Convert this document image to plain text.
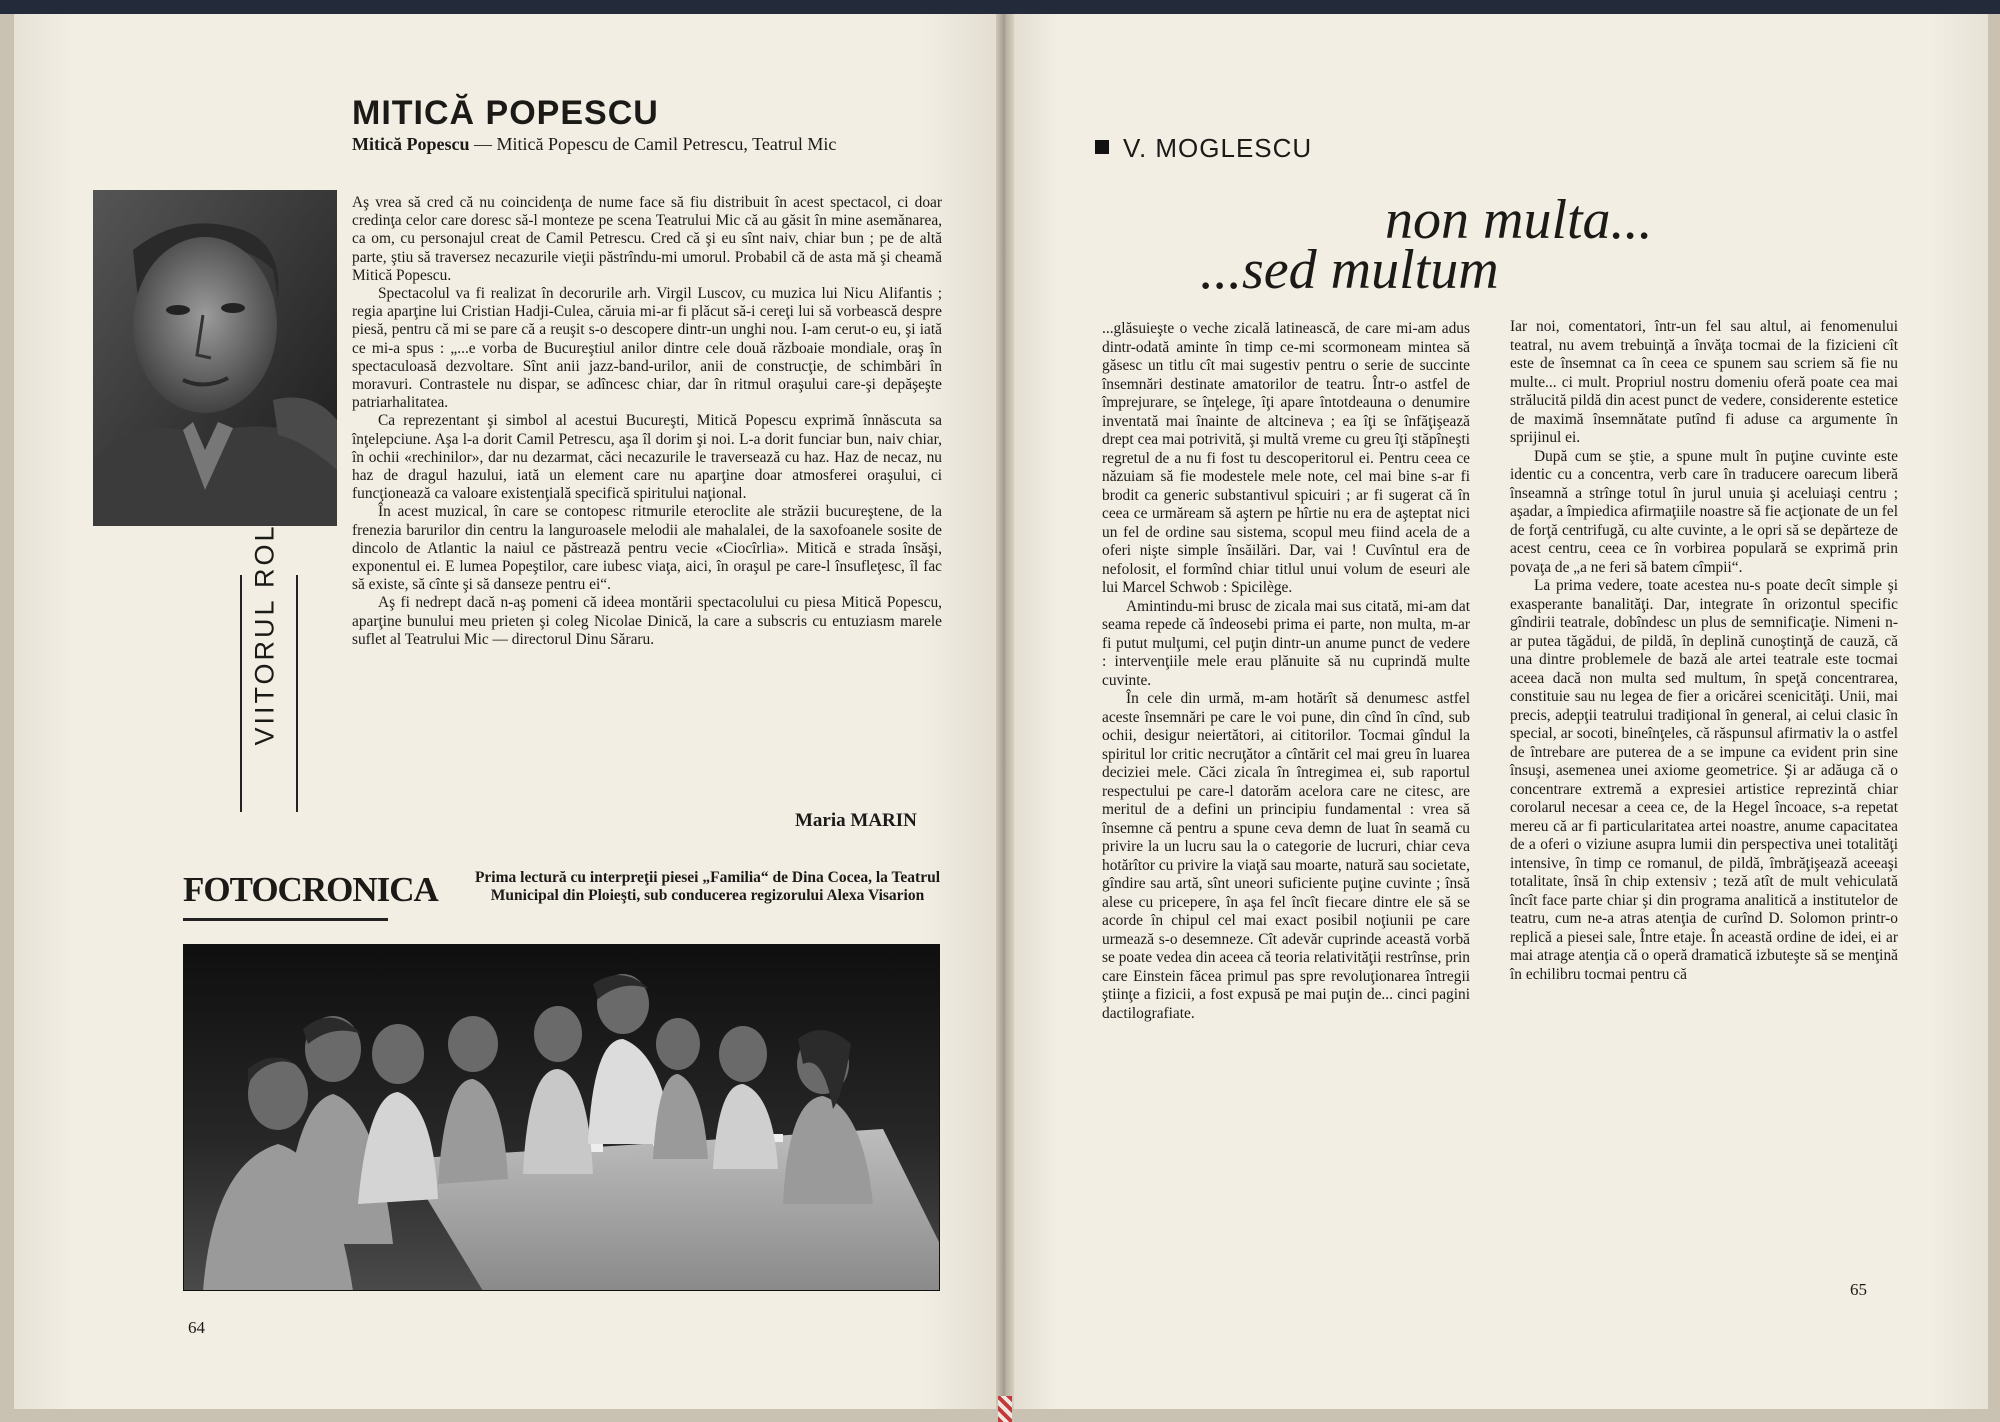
MITICĂ POPESCU
Mitică Popescu — Mitică Popescu de Camil Petrescu, Teatrul Mic

Aş vrea să cred că nu coincidenţa de nume face să fiu distribuit în acest spectacol, ci doar credinţa celor care doresc să-l monteze pe scena Teatrului Mic că au găsit în mine asemănarea, ca om, cu personajul creat de Camil Petrescu. Cred că şi eu sînt naiv, chiar bun ; pe de altă parte, ştiu să traversez necazurile vieţii păstrîndu-mi umorul. Probabil că de asta mă şi cheamă Mitică Popescu.

Spectacolul va fi realizat în decorurile arh. Virgil Luscov, cu muzica lui Nicu Alifantis ; regia aparţine lui Cristian Hadji-Culea, căruia mi-ar fi plăcut să-i cereţi lui să vorbească despre piesă, pentru că mi se pare că a reuşit s-o descopere dintr-un unghi nou. I-am cerut-o eu, şi iată ce mi-a spus : „...e vorba de Bucureştiul anilor dintre cele două războaie mondiale, oraş în spectaculoasă dezvoltare. Sînt anii jazz-band-urilor, anii de construcţie, de schimbări în moravuri. Contrastele nu dispar, se adîncesc chiar, dar în ritmul oraşului care-şi depăşeşte patriarhalitatea.

Ca reprezentant şi simbol al acestui Bucureşti, Mitică Popescu exprimă înnăscuta sa înţelepciune. Aşa l-a dorit Camil Petrescu, aşa îl dorim şi noi. L-a dorit funciar bun, naiv chiar, în ochii «rechinilor», dar nu dezarmat, căci necazurile le traversează cu haz. Haz de necaz, nu haz de dragul hazului, iată un element care nu aparţine doar atmosferei oraşului, ci funcţionează ca valoare existenţială specifică spiritului naţional.

În acest muzical, în care se contopesc ritmurile eteroclite ale străzii bucureştene, de la frenezia barurilor din centru la languroasele melodii ale mahalalei, de la saxofoanele sosite de dincolo de Atlantic la naiul ce păstrează pentru vecie «Ciocîrlia». Mitică e strada însăşi, exponentul ei. E lumea Popeştilor, care iubesc viaţa, aici, în oraşul pe care-l însufleţesc, îl fac să existe, să cînte şi să danseze pentru ei“.

Aş fi nedrept dacă n-aş pomeni că ideea montării spectacolului cu piesa Mitică Popescu, aparţine bunului meu prieten şi coleg Nicolae Dinică, la care a subscris cu entuziasm marele suflet al Teatrului Mic — directorul Dinu Săraru.

Maria MARIN
FOTOCRONICA	Prima lectură cu interpreţii piesei „Familia“ de Dina Cocea, la Teatrul Municipal din Ploieşti, sub conducerea regizorului Alexa Visarion
64
V. MOGLESCU
non multa...
...sed multum

...glăsuieşte o veche zicală latinească, de care mi-am adus dintr-odată aminte în timp ce-mi scormoneam mintea să găsesc un titlu cît mai sugestiv pentru o serie de succinte însemnări destinate amatorilor de teatru. Într-o astfel de împrejurare, se înţelege, îţi apare întotdeauna o denumire inventată mai înainte de altcineva ; ea îţi se înfăţişează drept cea mai potrivită, şi multă vreme cu greu îţi stăpîneşti regretul de a nu fi fost tu descoperitorul ei. Pentru ceea ce năzuiam să fie modestele mele note, cel mai bine s-ar fi brodit ca generic substantivul spicuiri ; ar fi sugerat că în ceea ce urmăream să aştern pe hîrtie nu era de aşteptat nici un fel de ordine sau sistema, scopul meu fiind acela de a oferi nişte simple însăilări. Dar, vai ! Cuvîntul era de nefolosit, el formînd chiar titlul unui volum de eseuri ale lui Marcel Schwob : Spicilège.

Amintindu-mi brusc de zicala mai sus citată, mi-am dat seama repede că îndeosebi prima ei parte, non multa, m-ar fi putut mulţumi, cel puţin dintr-un anume punct de vedere : intervenţiile mele erau plănuite să nu cuprindă multe cuvinte.

În cele din urmă, m-am hotărît să denumesc astfel aceste însemnări pe care le voi pune, din cînd în cînd, sub ochii, desigur neiertători, ai cititorilor. Tocmai gîndul la spiritul lor critic necruţător a cîntărit cel mai greu în luarea deciziei mele. Căci zicala în întregimea ei, sub raportul respectului pe care-l datorăm acelora care ne citesc, are meritul de a defini un principiu fundamental : vrea să însemne că pentru a spune ceva demn de luat în seamă cu privire la un lucru sau la o categorie de lucruri, chiar ceva hotărîtor cu privire la viaţă sau moarte, natură sau societate, gîndire sau artă, sînt uneori suficiente puţine cuvinte ; însă alese cu pricepere, în aşa fel încît fiecare dintre ele să se acorde în chipul cel mai exact posibil noţiunii pe care urmează s-o desemneze. Cît adevăr cuprinde această vorbă se poate vedea din aceea că teoria relativităţii restrînse, prin care Einstein făcea primul pas spre revoluţionarea întregii ştiinţe a fizicii, a fost expusă pe mai puţin de... cinci pagini dactilografiate.

Iar noi, comentatori, într-un fel sau altul, ai fenomenului teatral, nu avem trebuinţă a învăţa tocmai de la fizicieni cît este de însemnat ca în ceea ce spunem sau scriem să fie nu multe... ci mult. Propriul nostru domeniu oferă poate cea mai strălucită pildă din acest punct de vedere, considerente estetice de maximă însemnătate putînd fi aduse ca argumente în sprijinul ei.

După cum se ştie, a spune mult în puţine cuvinte este identic cu a concentra, verb care în traducere oarecum liberă înseamnă a strînge totul în jurul unuia şi aceluiaşi centru ; aşadar, a împiedica afirmaţiile noastre să fie acţionate de un fel de forţă centrifugă, cu alte cuvinte, a le opri să se depărteze de acest centru, ceea ce în vorbirea populară se exprimă prin povaţa de „a ne feri să batem cîmpii“.

La prima vedere, toate acestea nu-s poate decît simple şi exasperante banalităţi. Dar, integrate în orizontul specific gîndirii teatrale, dobîndesc un plus de semnificaţie. Nimeni n-ar putea tăgădui, de pildă, în deplină cunoştinţă de cauză, că una dintre problemele de bază ale artei teatrale este tocmai aceea dacă non multa sed multum, în speţă concentrarea, constituie sau nu legea de fier a oricărei scenicităţi. Unii, mai precis, adepţii teatrului tradiţional în general, ai celui clasic în special, ar socoti, bineînţeles, că răspunsul afirmativ la o astfel de întrebare are puterea de a se impune ca evident prin sine însuşi, asemenea unei axiome geometrice. Şi ar adăuga că o concentrare extremă a expresiei artistice reprezintă chiar corolarul necesar a ceea ce, de la Hegel încoace, s-a repetat mereu că ar fi particularitatea artei noastre, anume capacitatea de a oferi o viziune asupra lumii din perspectiva unei totalităţi intensive, în timp ce romanul, de pildă, îmbrăţişează aceeaşi totalitate, însă în chip extensiv ; teză atît de mult vehiculată încît face parte chiar şi din programa analitică a institutelor de teatru, cum ne-a atras atenţia de curînd D. Solomon printr-o replică a piesei sale, Între etaje. În această ordine de idei, ei ar mai atrage atenţia că o operă dramatică izbuteşte să se menţină în echilibru tocmai pentru că

65
